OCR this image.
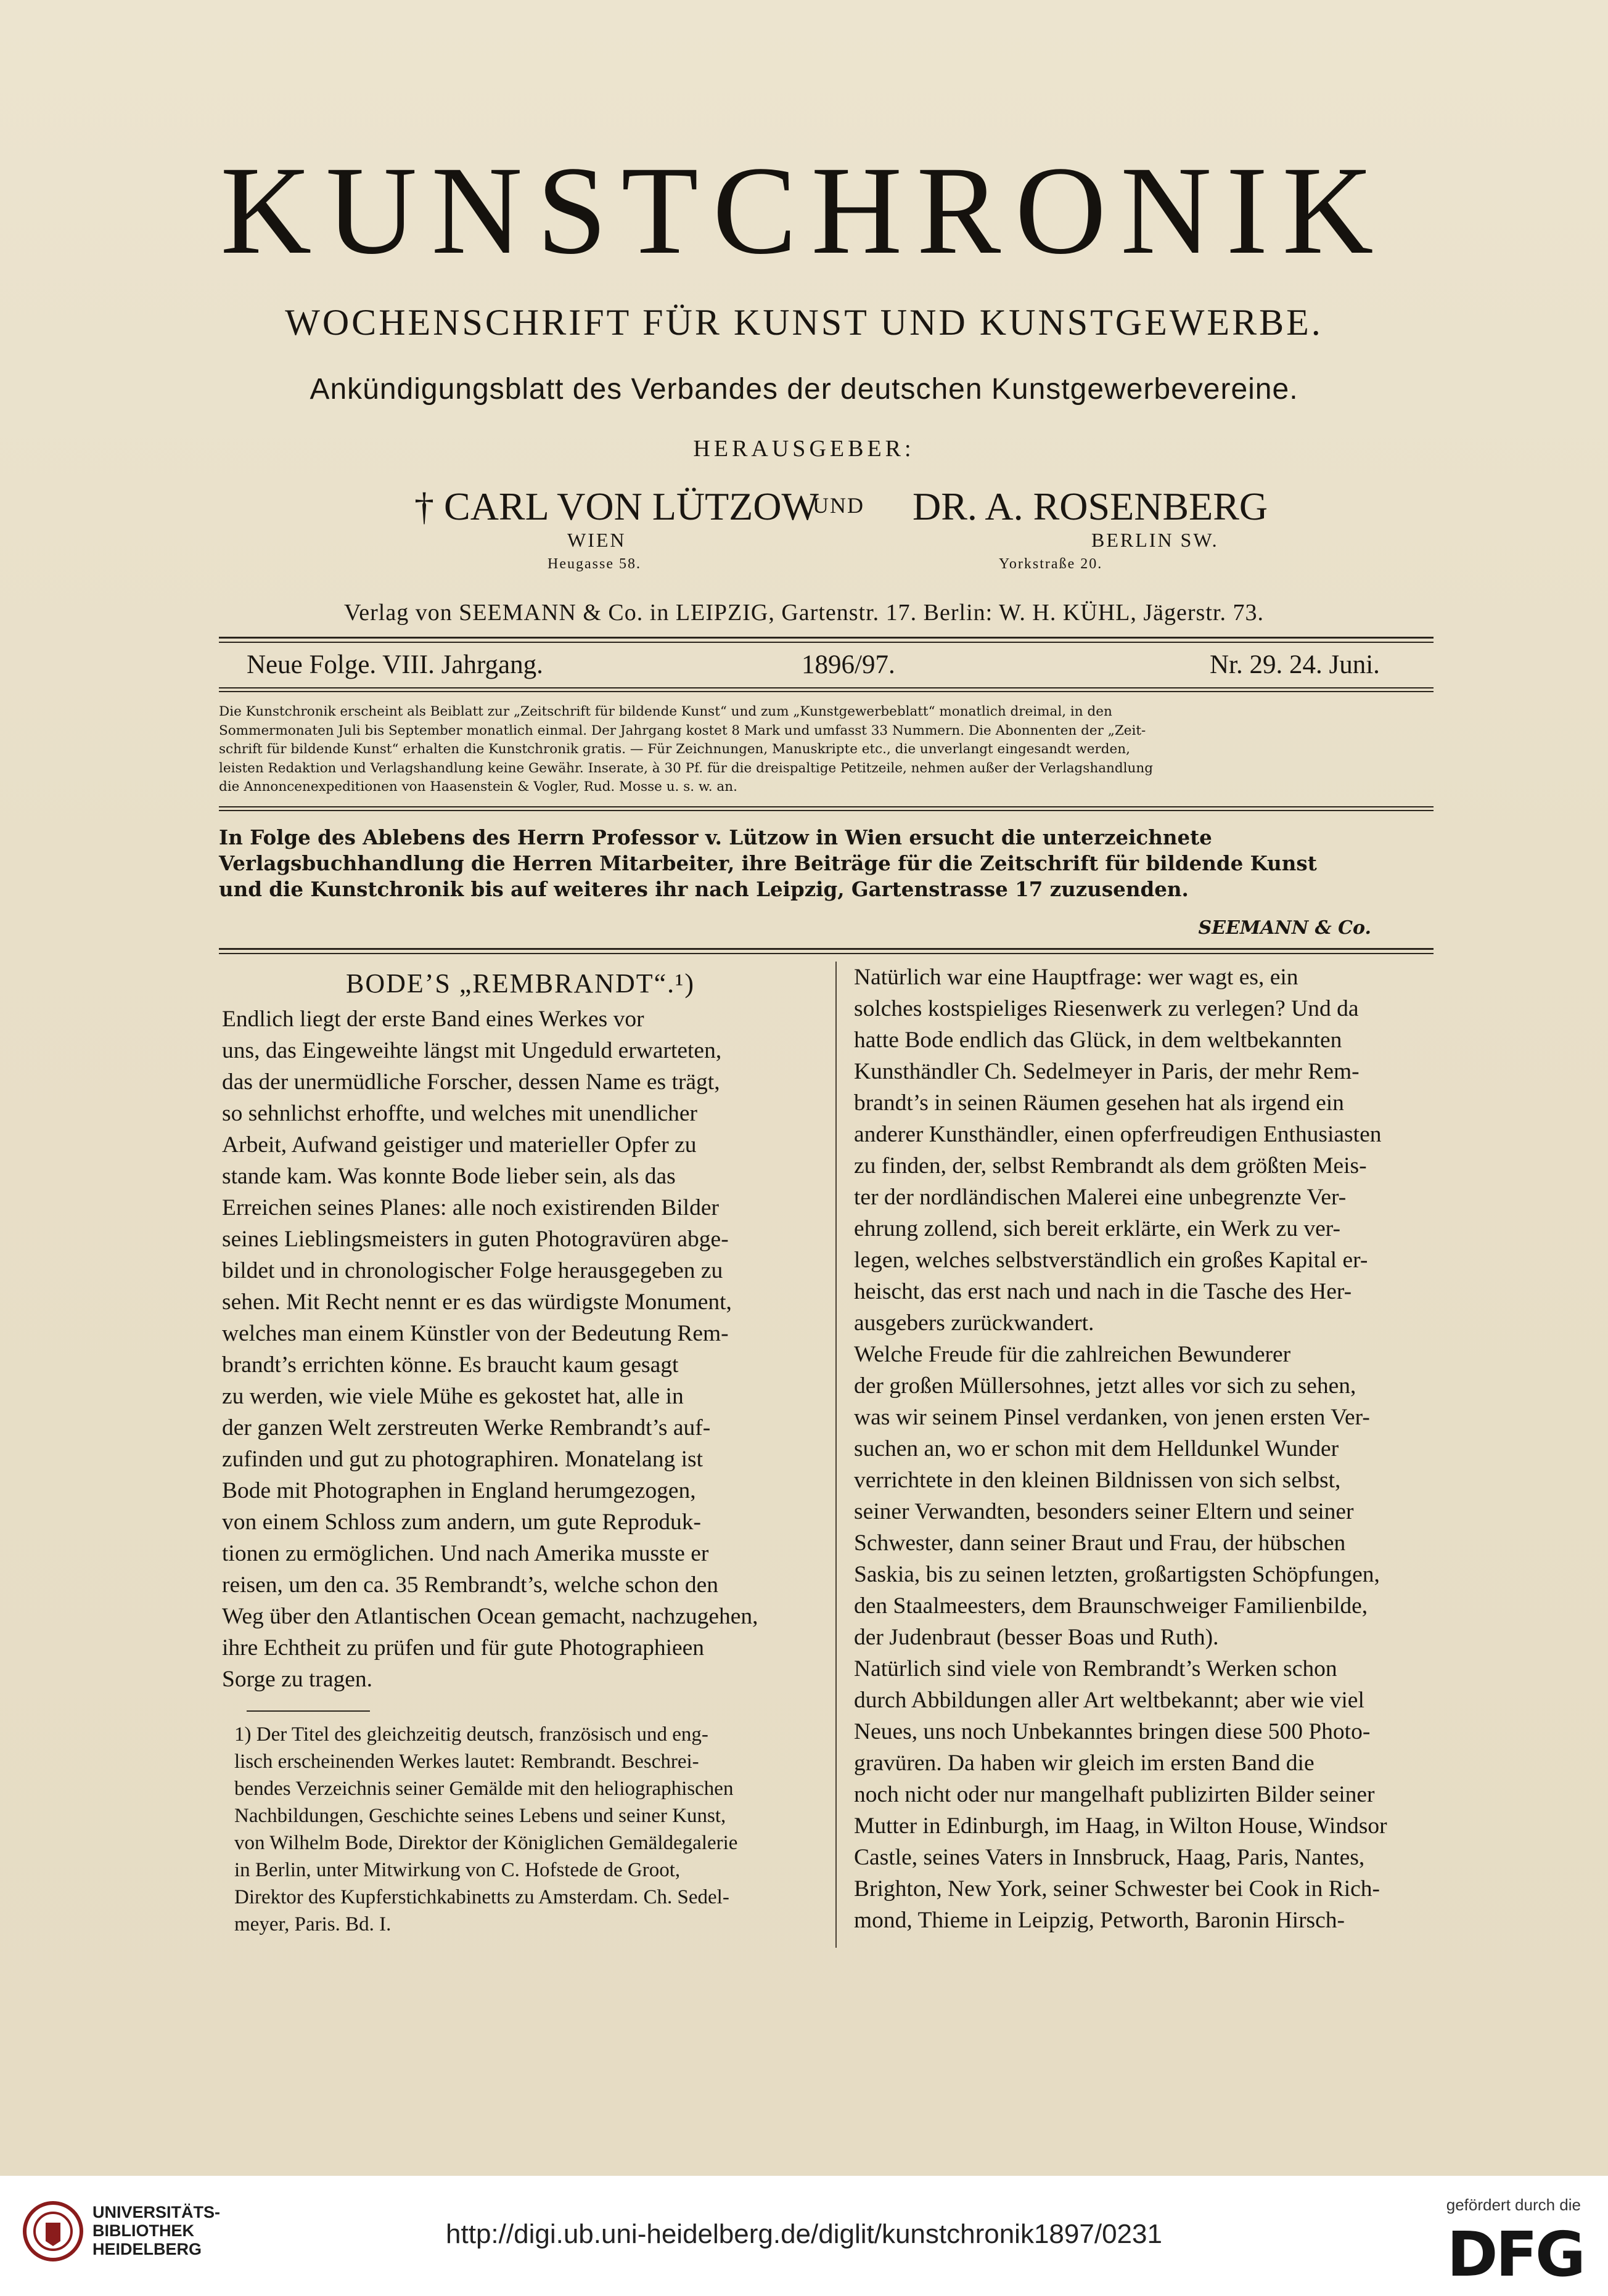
KUNSTCHRONIK
WOCHENSCHRIFT FÜR KUNST UND KUNSTGEWERBE.
Ankündigungsblatt des Verbandes der deutschen Kunstgewerbevereine.
HERAUSGEBER:
† CARL VON LÜTZOW
UND DR. A. ROSENBERG
WIEN	BERLIN SW.
Heugasse 58.	Yorkstraße 20.
Verlag von SEEMANN & Co. in LEIPZIG, Gartenstr. 17. Berlin: W. H. KÜHL, Jägerstr. 73.
Neue Folge. VIII. Jahrgang.	1896/97.	Nr. 29. 24. Juni.
Die Kunstchronik erscheint als Beiblatt zur „Zeitschrift für bildende Kunst“ und zum „Kunstgewerbeblatt“ monatlich dreimal, in den
Sommermonaten Juli bis September monatlich einmal. Der Jahrgang kostet 8 Mark und umfasst 33 Nummern. Die Abonnenten der „Zeit-
schrift für bildende Kunst“ erhalten die Kunstchronik gratis. — Für Zeichnungen, Manuskripte etc., die unverlangt eingesandt werden,
leisten Redaktion und Verlagshandlung keine Gewähr. Inserate, à 30 Pf. für die dreispaltige Petitzeile, nehmen außer der Verlagshandlung
die Annoncenexpeditionen von Haasenstein & Vogler, Rud. Mosse u. s. w. an.
In Folge des Ablebens des Herrn Professor v. Lützow in Wien ersucht die unterzeichnete
Verlagsbuchhandlung die Herren Mitarbeiter, ihre Beiträge für die Zeitschrift für bildende Kunst
und die Kunstchronik bis auf weiteres ihr nach Leipzig, Gartenstrasse 17 zuzusenden.
SEEMANN & Co.
BODE’S „REMBRANDT“.¹)
Endlich liegt der erste Band eines Werkes vor
uns, das Eingeweihte längst mit Ungeduld erwarteten,
das der unermüdliche Forscher, dessen Name es trägt,
so sehnlichst erhoffte, und welches mit unendlicher
Arbeit, Aufwand geistiger und materieller Opfer zu
stande kam. Was konnte Bode lieber sein, als das
Erreichen seines Planes: alle noch existirenden Bilder
seines Lieblingsmeisters in guten Photogravüren abge-
bildet und in chronologischer Folge herausgegeben zu
sehen. Mit Recht nennt er es das würdigste Monument,
welches man einem Künstler von der Bedeutung Rem-
brandt’s errichten könne. Es braucht kaum gesagt
zu werden, wie viele Mühe es gekostet hat, alle in
der ganzen Welt zerstreuten Werke Rembrandt’s auf-
zufinden und gut zu photographiren. Monatelang ist
Bode mit Photographen in England herumgezogen,
von einem Schloss zum andern, um gute Reproduk-
tionen zu ermöglichen. Und nach Amerika musste er
reisen, um den ca. 35 Rembrandt’s, welche schon den
Weg über den Atlantischen Ocean gemacht, nachzugehen,
ihre Echtheit zu prüfen und für gute Photographieen
Sorge zu tragen.
1) Der Titel des gleichzeitig deutsch, französisch und eng-
lisch erscheinenden Werkes lautet: Rembrandt. Beschrei-
bendes Verzeichnis seiner Gemälde mit den heliographischen
Nachbildungen, Geschichte seines Lebens und seiner Kunst,
von Wilhelm Bode, Direktor der Königlichen Gemäldegalerie
in Berlin, unter Mitwirkung von C. Hofstede de Groot,
Direktor des Kupferstichkabinetts zu Amsterdam. Ch. Sedel-
meyer, Paris. Bd. I.
Natürlich war eine Hauptfrage: wer wagt es, ein
solches kostspieliges Riesenwerk zu verlegen? Und da
hatte Bode endlich das Glück, in dem weltbekannten
Kunsthändler Ch. Sedelmeyer in Paris, der mehr Rem-
brandt’s in seinen Räumen gesehen hat als irgend ein
anderer Kunsthändler, einen opferfreudigen Enthusiasten
zu finden, der, selbst Rembrandt als dem größten Meis-
ter der nordländischen Malerei eine unbegrenzte Ver-
ehrung zollend, sich bereit erklärte, ein Werk zu ver-
legen, welches selbstverständlich ein großes Kapital er-
heischt, das erst nach und nach in die Tasche des Her-
ausgebers zurückwandert.
Welche Freude für die zahlreichen Bewunderer
der großen Müllersohnes, jetzt alles vor sich zu sehen,
was wir seinem Pinsel verdanken, von jenen ersten Ver-
suchen an, wo er schon mit dem Helldunkel Wunder
verrichtete in den kleinen Bildnissen von sich selbst,
seiner Verwandten, besonders seiner Eltern und seiner
Schwester, dann seiner Braut und Frau, der hübschen
Saskia, bis zu seinen letzten, großartigsten Schöpfungen,
den Staalmeesters, dem Braunschweiger Familienbilde,
der Judenbraut (besser Boas und Ruth).
Natürlich sind viele von Rembrandt’s Werken schon
durch Abbildungen aller Art weltbekannt; aber wie viel
Neues, uns noch Unbekanntes bringen diese 500 Photo-
gravüren. Da haben wir gleich im ersten Band die
noch nicht oder nur mangelhaft publizirten Bilder seiner
Mutter in Edinburgh, im Haag, in Wilton House, Windsor
Castle, seines Vaters in Innsbruck, Haag, Paris, Nantes,
Brighton, New York, seiner Schwester bei Cook in Rich-
mond, Thieme in Leipzig, Petworth, Baronin Hirsch-
UNIVERSITÄTS-
BIBLIOTHEK
HEIDELBERG	http://digi.ub.uni-heidelberg.de/diglit/kunstchronik1897/0231
gefördert durch die
DFG
